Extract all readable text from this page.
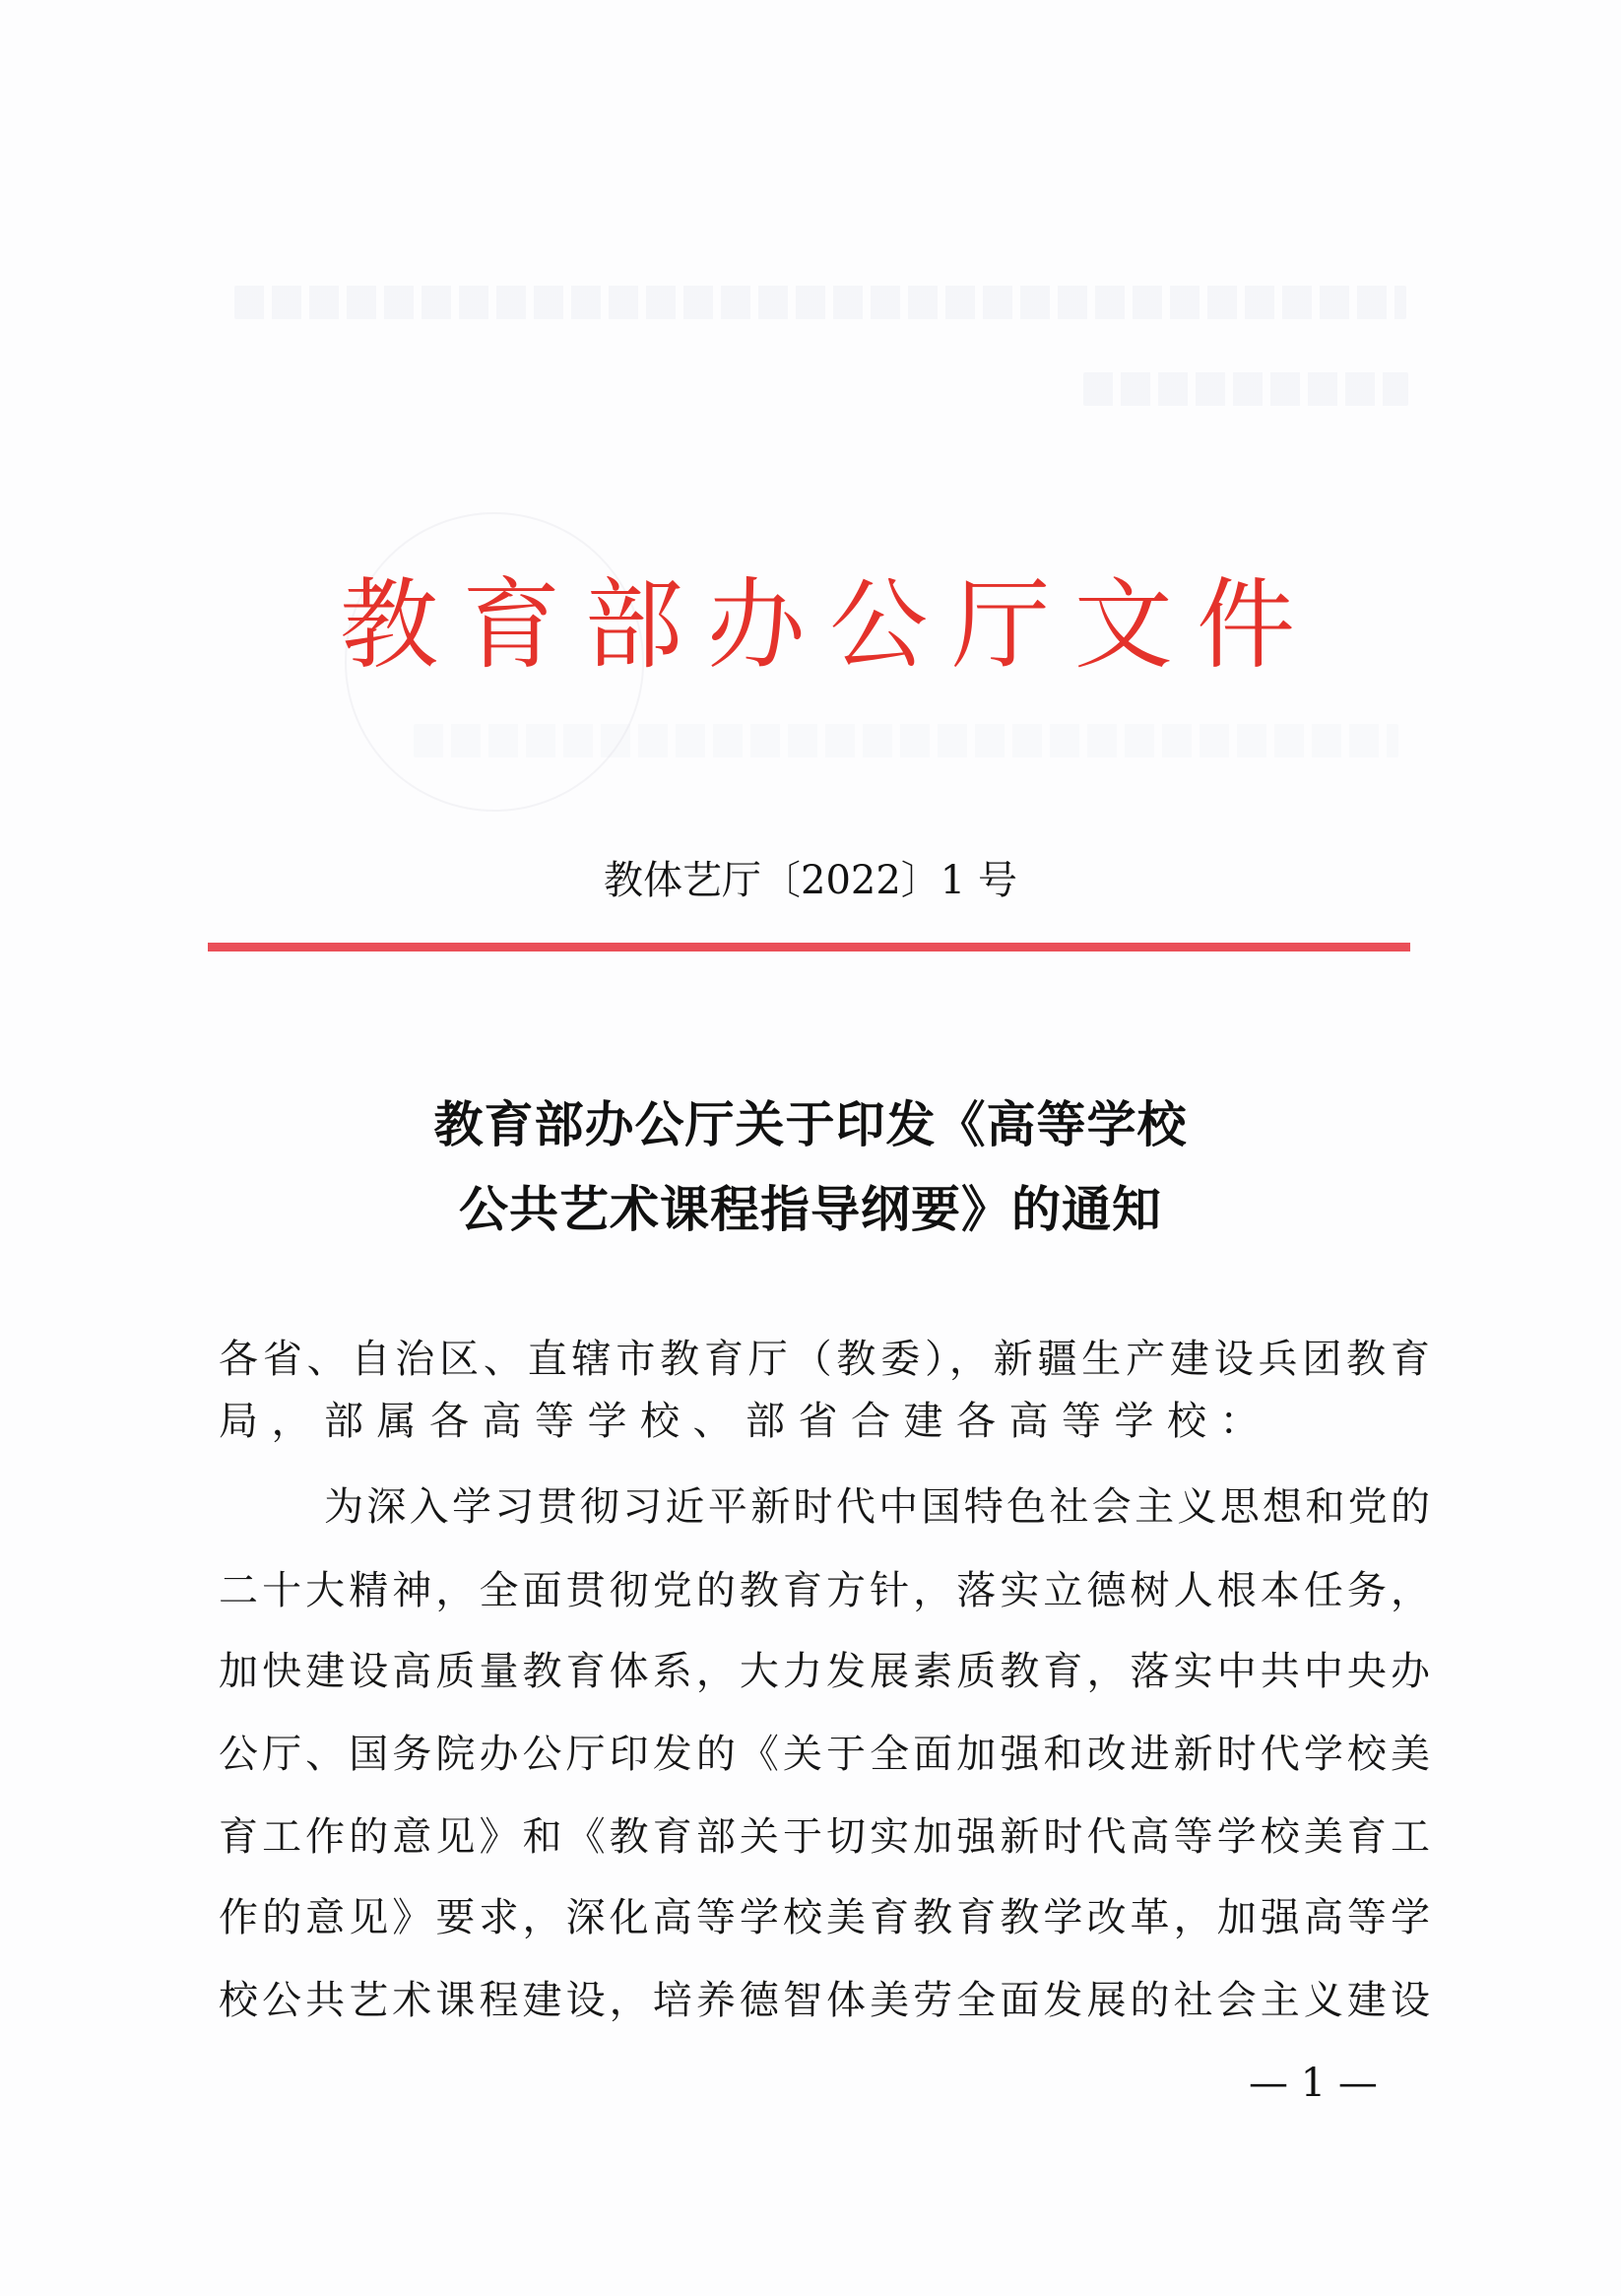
教 育 部 办 公 厅 文 件
教体艺厅〔2022〕1 号
教育部办公厅关于印发《高等学校
公共艺术课程指导纲要》的通知
各省、自治区、直辖市教育厅（教委），新疆生产建设兵团教育
局，部属各高等学校、部省合建各高等学校：
为深入学习贯彻习近平新时代中国特色社会主义思想和党的
二十大精神，全面贯彻党的教育方针，落实立德树人根本任务，
加快建设高质量教育体系，大力发展素质教育，落实中共中央办
公厅、国务院办公厅印发的《关于全面加强和改进新时代学校美
育工作的意见》和《教育部关于切实加强新时代高等学校美育工
作的意见》要求，深化高等学校美育教育教学改革，加强高等学
校公共艺术课程建设，培养德智体美劳全面发展的社会主义建设
— 1 —
